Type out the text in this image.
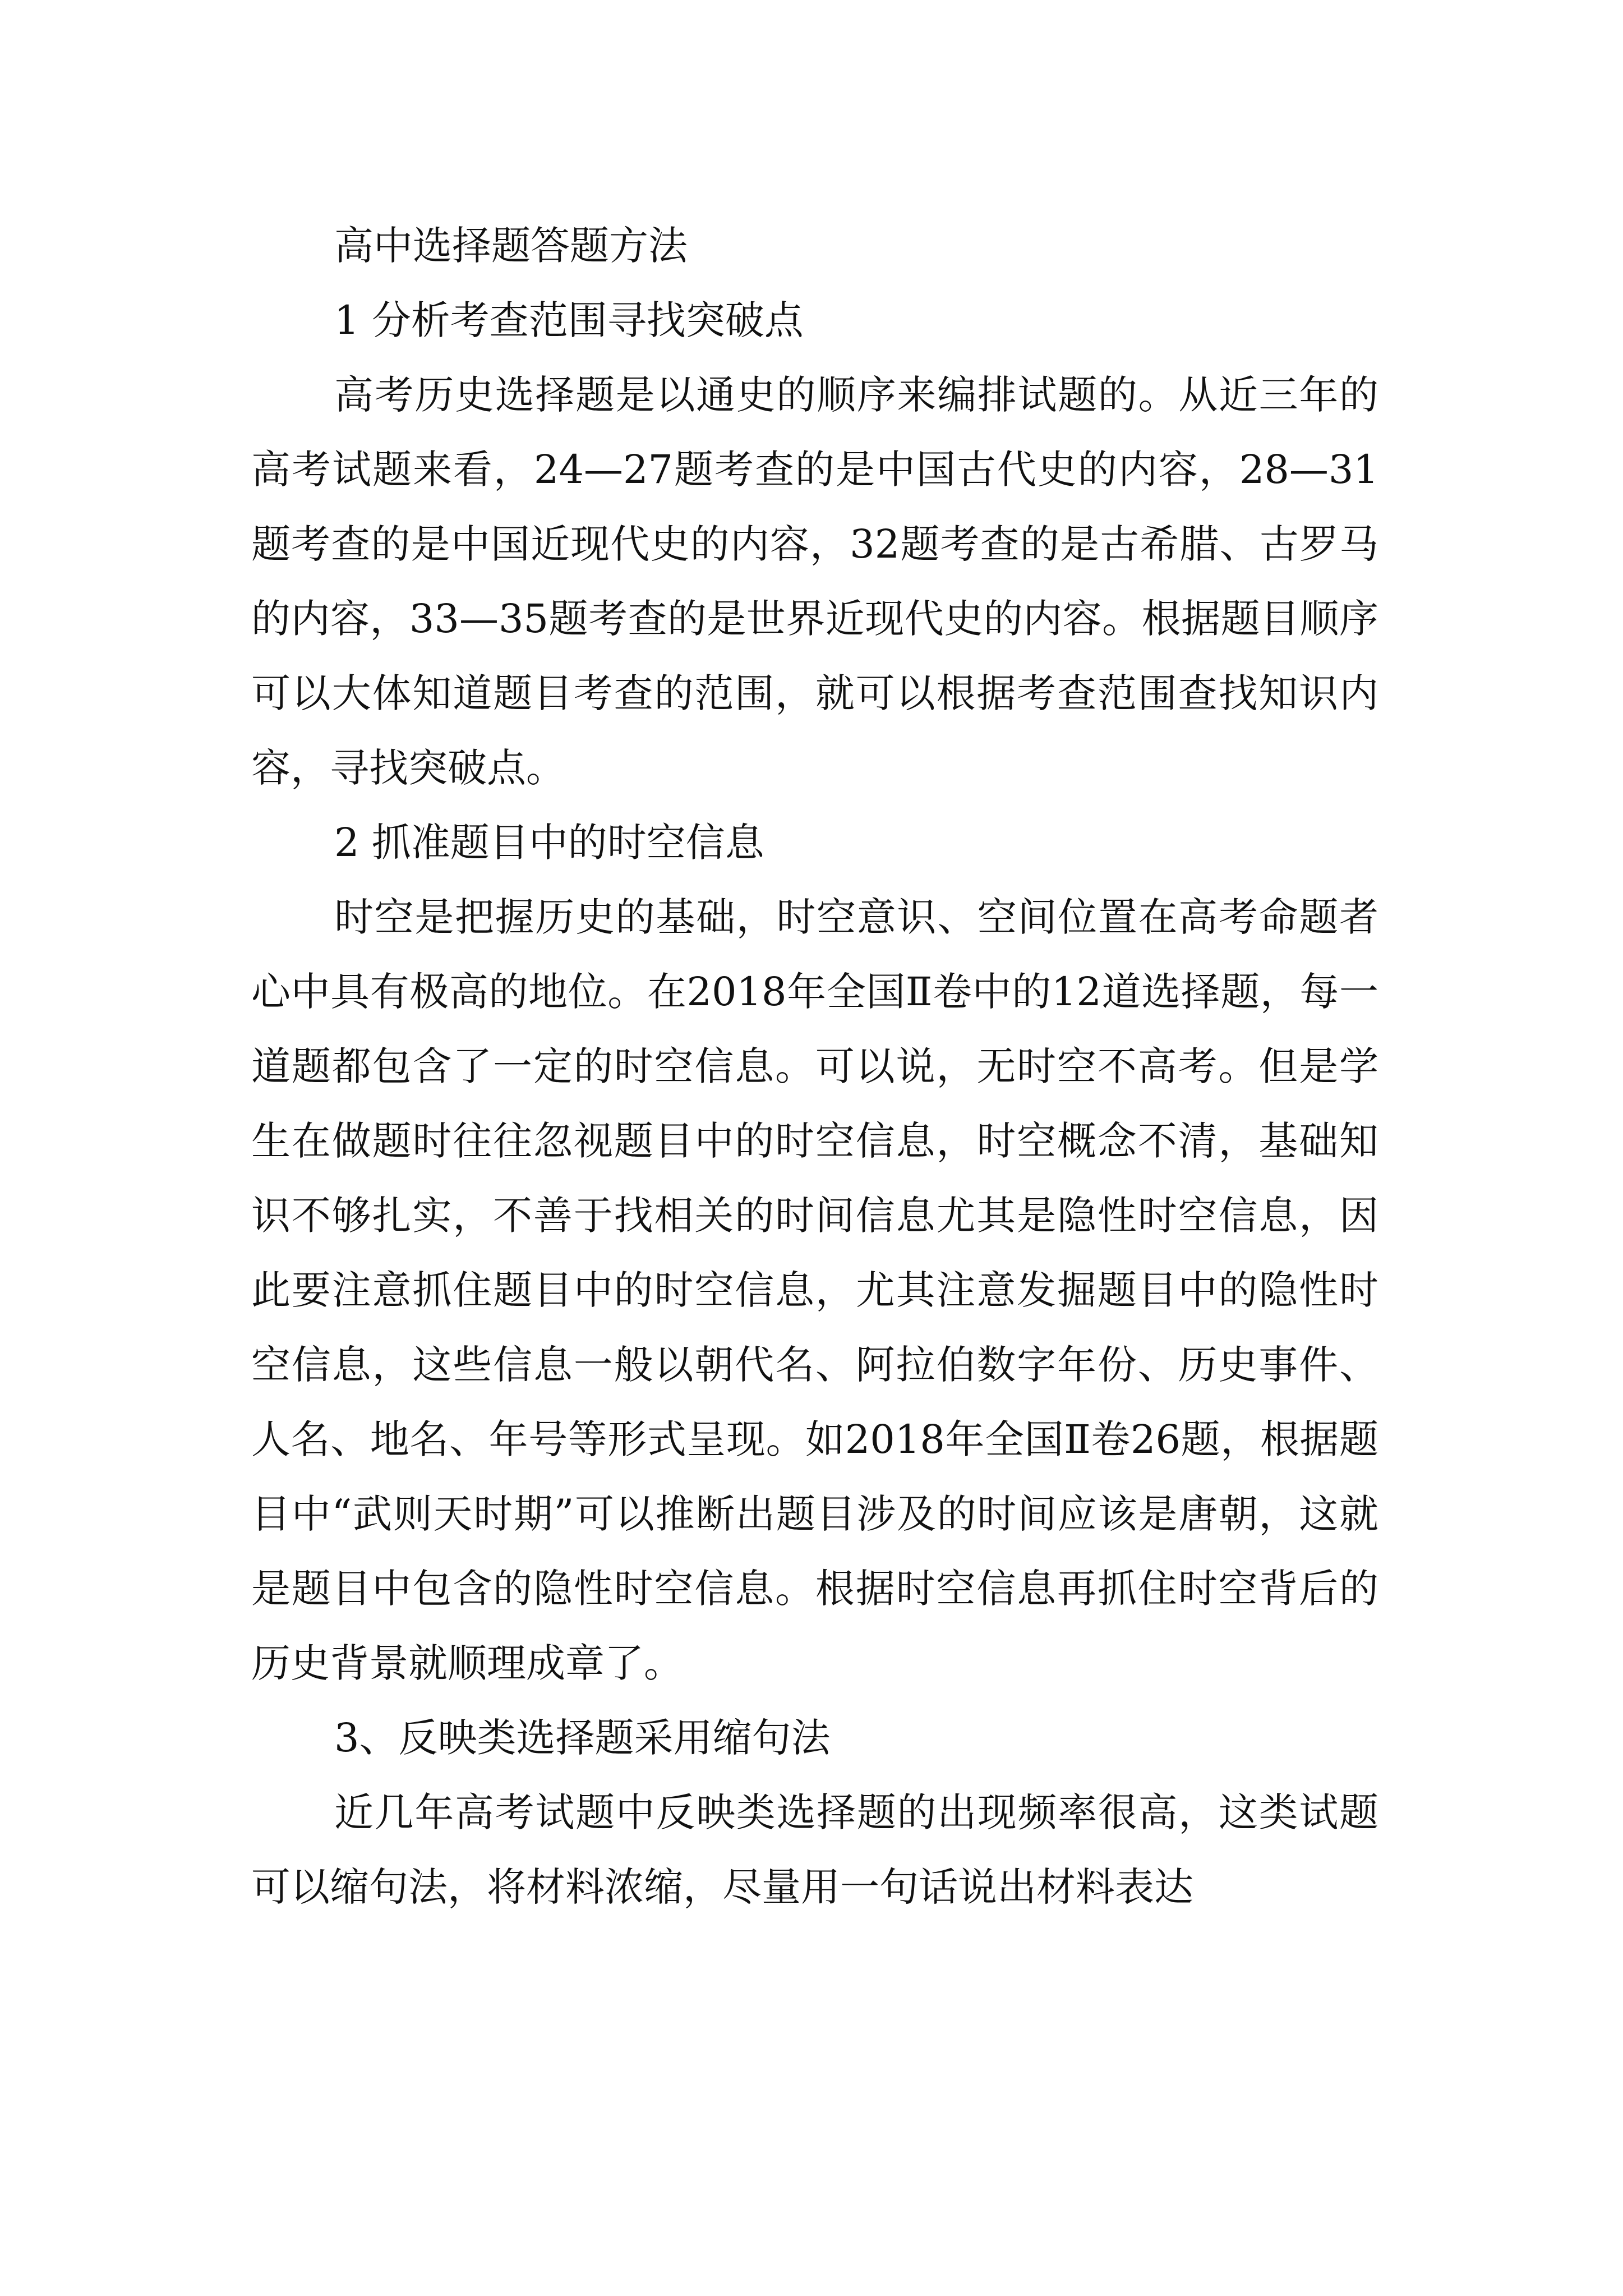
高中选择题答题方法

1 分析考查范围寻找突破点

高考历史选择题是以通史的顺序来编排试题的。从近三年的高考试题来看，24—27题考查的是中国古代史的内容，28—31题考查的是中国近现代史的内容，32题考查的是古希腊、古罗马的内容，33—35题考查的是世界近现代史的内容。根据题目顺序可以大体知道题目考查的范围，就可以根据考查范围查找知识内容，寻找突破点。

2 抓准题目中的时空信息

时空是把握历史的基础，时空意识、空间位置在高考命题者心中具有极高的地位。在2018年全国Ⅱ卷中的12道选择题，每一道题都包含了一定的时空信息。可以说，无时空不高考。但是学生在做题时往往忽视题目中的时空信息，时空概念不清，基础知识不够扎实，不善于找相关的时间信息尤其是隐性时空信息，因此要注意抓住题目中的时空信息，尤其注意发掘题目中的隐性时空信息，这些信息一般以朝代名、阿拉伯数字年份、历史事件、人名、地名、年号等形式呈现。如2018年全国Ⅱ卷26题，根据题目中“武则天时期”可以推断出题目涉及的时间应该是唐朝，这就是题目中包含的隐性时空信息。根据时空信息再抓住时空背后的历史背景就顺理成章了。

3、反映类选择题采用缩句法

近几年高考试题中反映类选择题的出现频率很高，这类试题可以缩句法，将材料浓缩，尽量用一句话说出材料表达
